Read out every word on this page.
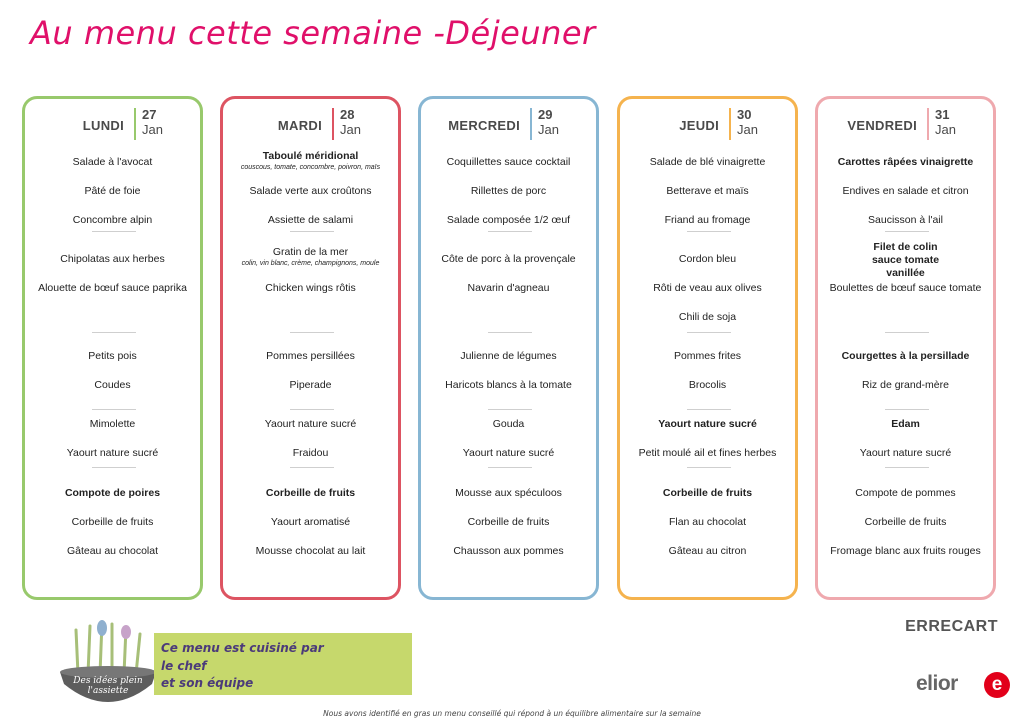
Au menu cette semaine -Déjeuner
LUNDI
27
Jan
Salade à l'avocat
Pâté de foie
Concombre alpin
Chipolatas aux herbes
Alouette de bœuf sauce paprika
Petits pois
Coudes
Mimolette
Yaourt nature sucré
Compote de poires
Corbeille de fruits
Gâteau au chocolat
MARDI
28
Jan
Taboulé méridional
couscous, tomate, concombre, poivron, maïs
Salade verte aux croûtons
Assiette de salami
Gratin de la mer
colin, vin blanc, crème, champignons, moule
Chicken wings rôtis
Pommes persillées
Piperade
Yaourt nature sucré
Fraidou
Corbeille de fruits
Yaourt aromatisé
Mousse chocolat au lait
MERCREDI
29
Jan
Coquillettes sauce cocktail
Rillettes de porc
Salade composée 1/2 œuf
Côte de porc à la provençale
Navarin d'agneau
Julienne de légumes
Haricots blancs à la tomate
Gouda
Yaourt nature sucré
Mousse aux spéculoos
Corbeille de fruits
Chausson aux pommes
JEUDI
30
Jan
Salade de blé vinaigrette
Betterave et maïs
Friand au fromage
Cordon bleu
Rôti de veau aux olives
Chili de soja
Pommes frites
Brocolis
Yaourt nature sucré
Petit moulé ail et fines herbes
Corbeille de fruits
Flan au chocolat
Gâteau au citron
VENDREDI
31
Jan
Carottes râpées vinaigrette
Endives en salade et citron
Saucisson à l'ail
Filet de colin sauce tomate vanillée
Boulettes de bœuf sauce tomate
Courgettes à la persillade
Riz de grand-mère
Edam
Yaourt nature sucré
Compote de pommes
Corbeille de fruits
Fromage blanc aux fruits rouges
ERRECART
Des idées plein l'assiette
Ce menu est cuisiné par
le chef
et son équipe	elior	e
Nous avons identifié en gras un menu conseillé qui répond à un équilibre alimentaire sur la semaine
